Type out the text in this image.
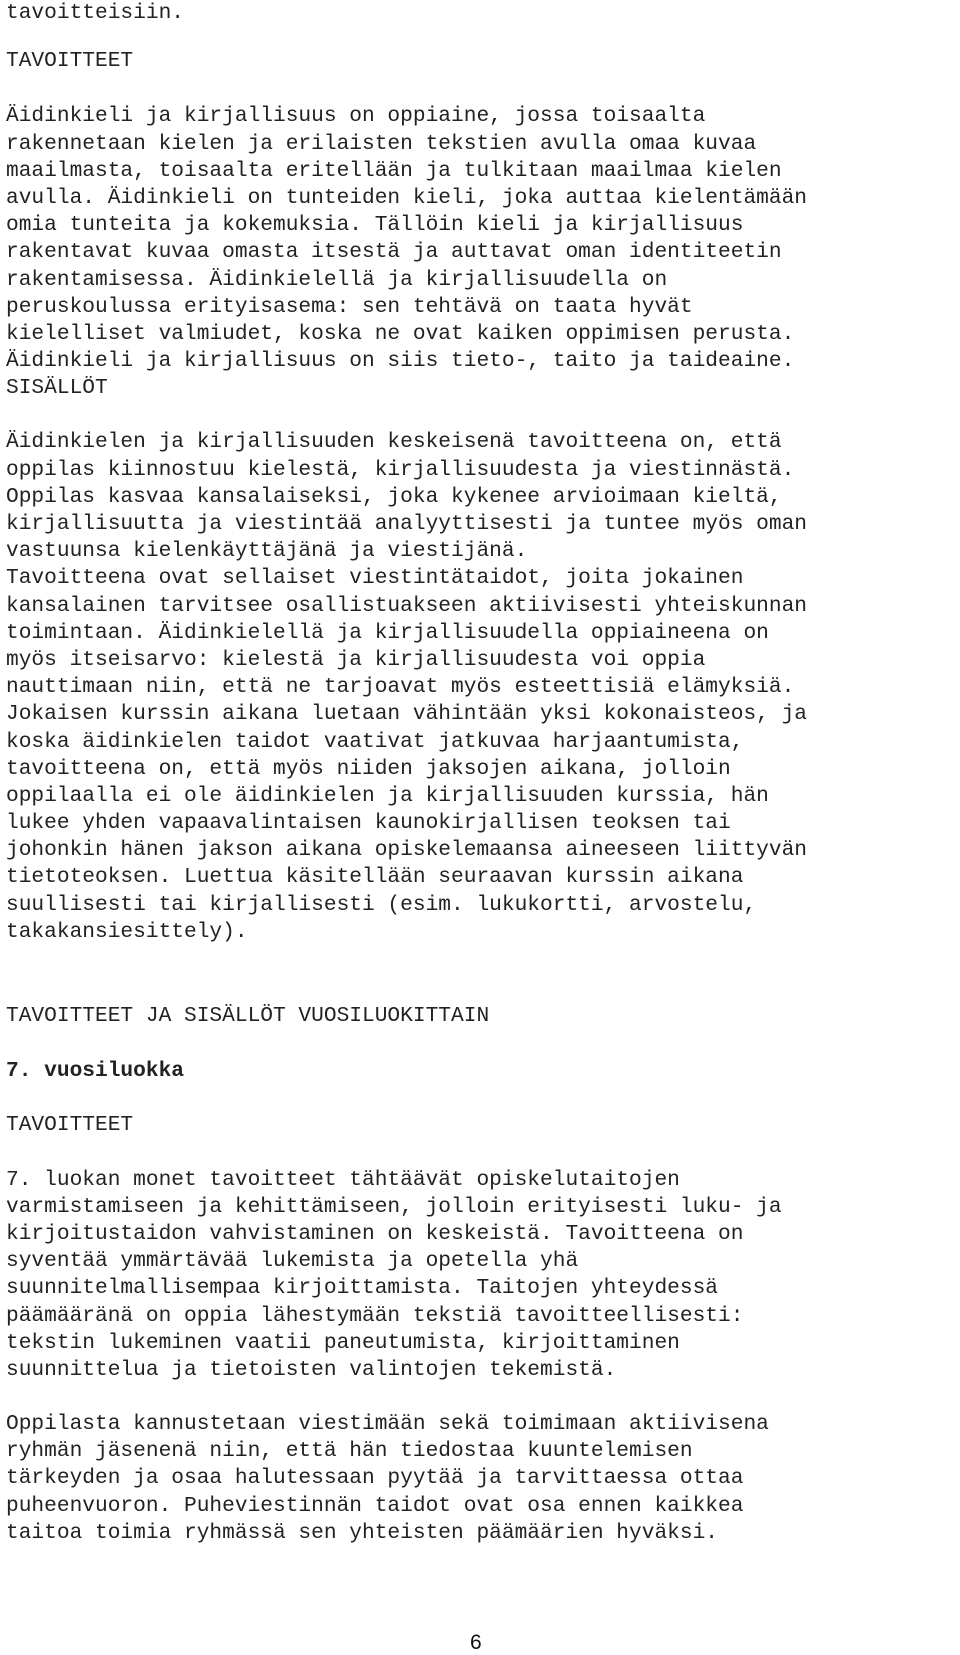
tavoitteisiin.
TAVOITTEET
Äidinkieli ja kirjallisuus on oppiaine, jossa toisaalta
rakennetaan kielen ja erilaisten tekstien avulla omaa kuvaa
maailmasta, toisaalta eritellään ja tulkitaan maailmaa kielen
avulla. Äidinkieli on tunteiden kieli, joka auttaa kielentämään
omia tunteita ja kokemuksia. Tällöin kieli ja kirjallisuus
rakentavat kuvaa omasta itsestä ja auttavat oman identiteetin
rakentamisessa. Äidinkielellä ja kirjallisuudella on
peruskoulussa erityisasema: sen tehtävä on taata hyvät
kielelliset valmiudet, koska ne ovat kaiken oppimisen perusta.
Äidinkieli ja kirjallisuus on siis tieto-, taito ja taideaine.
SISÄLLÖT
Äidinkielen ja kirjallisuuden keskeisenä tavoitteena on, että
oppilas kiinnostuu kielestä, kirjallisuudesta ja viestinnästä.
Oppilas kasvaa kansalaiseksi, joka kykenee arvioimaan kieltä,
kirjallisuutta ja viestintää analyyttisesti ja tuntee myös oman
vastuunsa kielenkäyttäjänä ja viestijänä.
Tavoitteena ovat sellaiset viestintätaidot, joita jokainen
kansalainen tarvitsee osallistuakseen aktiivisesti yhteiskunnan
toimintaan. Äidinkielellä ja kirjallisuudella oppiaineena on
myös itseisarvo: kielestä ja kirjallisuudesta voi oppia
nauttimaan niin, että ne tarjoavat myös esteettisiä elämyksiä.
Jokaisen kurssin aikana luetaan vähintään yksi kokonaisteos, ja
koska äidinkielen taidot vaativat jatkuvaa harjaantumista,
tavoitteena on, että myös niiden jaksojen aikana, jolloin
oppilaalla ei ole äidinkielen ja kirjallisuuden kurssia, hän
lukee yhden vapaavalintaisen kaunokirjallisen teoksen tai
johonkin hänen jakson aikana opiskelemaansa aineeseen liittyvän
tietoteoksen. Luettua käsitellään seuraavan kurssin aikana
suullisesti tai kirjallisesti (esim. lukukortti, arvostelu,
takakansiesittely).
TAVOITTEET JA SISÄLLÖT VUOSILUOKITTAIN
7. vuosiluokka
TAVOITTEET
7. luokan monet tavoitteet tähtäävät opiskelutaitojen
varmistamiseen ja kehittämiseen, jolloin erityisesti luku- ja
kirjoitustaidon vahvistaminen on keskeistä. Tavoitteena on
syventää ymmärtävää lukemista ja opetella yhä
suunnitelmallisempaa kirjoittamista. Taitojen yhteydessä
päämääränä on oppia lähestymään tekstiä tavoitteellisesti:
tekstin lukeminen vaatii paneutumista, kirjoittaminen
suunnittelua ja tietoisten valintojen tekemistä.
Oppilasta kannustetaan viestimään sekä toimimaan aktiivisena
ryhmän jäsenenä niin, että hän tiedostaa kuuntelemisen
tärkeyden ja osaa halutessaan pyytää ja tarvittaessa ottaa
puheenvuoron. Puheviestinnän taidot ovat osa ennen kaikkea
taitoa toimia ryhmässä sen yhteisten päämäärien hyväksi.
6
